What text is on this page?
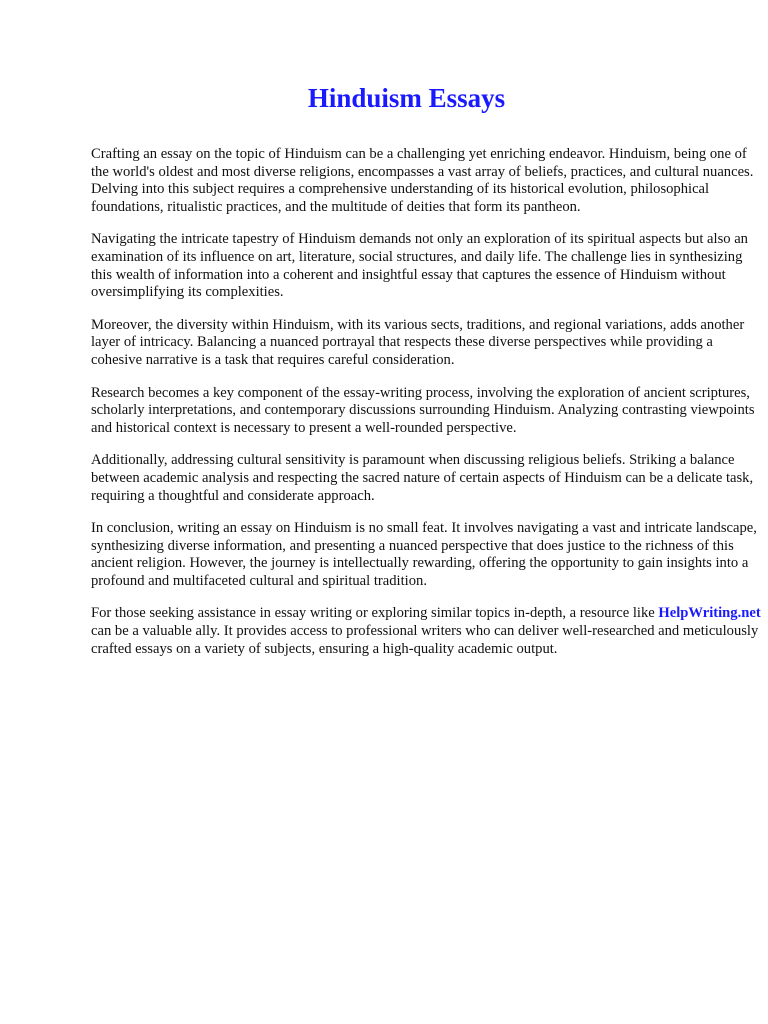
Hinduism Essays

Crafting an essay on the topic of Hinduism can be a challenging yet enriching endeavor. Hinduism, being one of the world's oldest and most diverse religions, encompasses a vast array of beliefs, practices, and cultural nuances. Delving into this subject requires a comprehensive understanding of its historical evolution, philosophical foundations, ritualistic practices, and the multitude of deities that form its pantheon.

Navigating the intricate tapestry of Hinduism demands not only an exploration of its spiritual aspects but also an examination of its influence on art, literature, social structures, and daily life. The challenge lies in synthesizing this wealth of information into a coherent and insightful essay that captures the essence of Hinduism without oversimplifying its complexities.

Moreover, the diversity within Hinduism, with its various sects, traditions, and regional variations, adds another layer of intricacy. Balancing a nuanced portrayal that respects these diverse perspectives while providing a cohesive narrative is a task that requires careful consideration.

Research becomes a key component of the essay-writing process, involving the exploration of ancient scriptures, scholarly interpretations, and contemporary discussions surrounding Hinduism. Analyzing contrasting viewpoints and historical context is necessary to present a well-rounded perspective.

Additionally, addressing cultural sensitivity is paramount when discussing religious beliefs. Striking a balance between academic analysis and respecting the sacred nature of certain aspects of Hinduism can be a delicate task, requiring a thoughtful and considerate approach.

In conclusion, writing an essay on Hinduism is no small feat. It involves navigating a vast and intricate landscape, synthesizing diverse information, and presenting a nuanced perspective that does justice to the richness of this ancient religion. However, the journey is intellectually rewarding, offering the opportunity to gain insights into a profound and multifaceted cultural and spiritual tradition.

For those seeking assistance in essay writing or exploring similar topics in-depth, a resource like HelpWriting.net can be a valuable ally. It provides access to professional writers who can deliver well-researched and meticulously crafted essays on a variety of subjects, ensuring a high-quality academic output.
